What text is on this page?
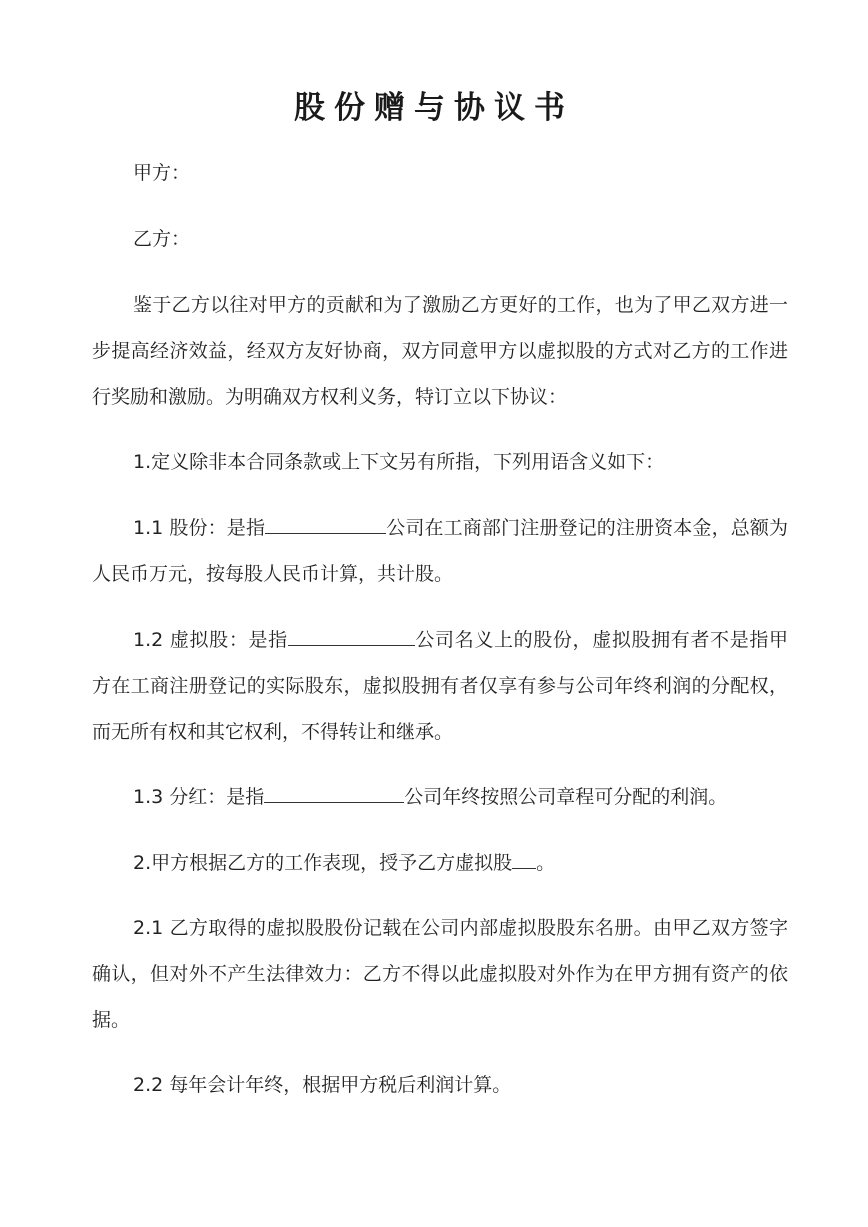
股份赠与协议书

甲方：

乙方：

鉴于乙方以往对甲方的贡献和为了激励乙方更好的工作，也为了甲乙双方进一步提高经济效益，经双方友好协商，双方同意甲方以虚拟股的方式对乙方的工作进行奖励和激励。为明确双方权利义务，特订立以下协议：

1.定义除非本合同条款或上下文另有所指，下列用语含义如下：

1.1 股份：是指	公司在工商部门注册登记的注册资本金，总额为人民币万元，按每股人民币计算，共计股。

1.2 虚拟股：是指	公司名义上的股份，虚拟股拥有者不是指甲方在工商注册登记的实际股东，虚拟股拥有者仅享有参与公司年终利润的分配权，而无所有权和其它权利，不得转让和继承。

1.3 分红：是指	公司年终按照公司章程可分配的利润。

2.甲方根据乙方的工作表现，授予乙方虚拟股 。

2.1 乙方取得的虚拟股股份记载在公司内部虚拟股股东名册。由甲乙双方签字确认，但对外不产生法律效力：乙方不得以此虚拟股对外作为在甲方拥有资产的依据。

2.2 每年会计年终，根据甲方税后利润计算。
